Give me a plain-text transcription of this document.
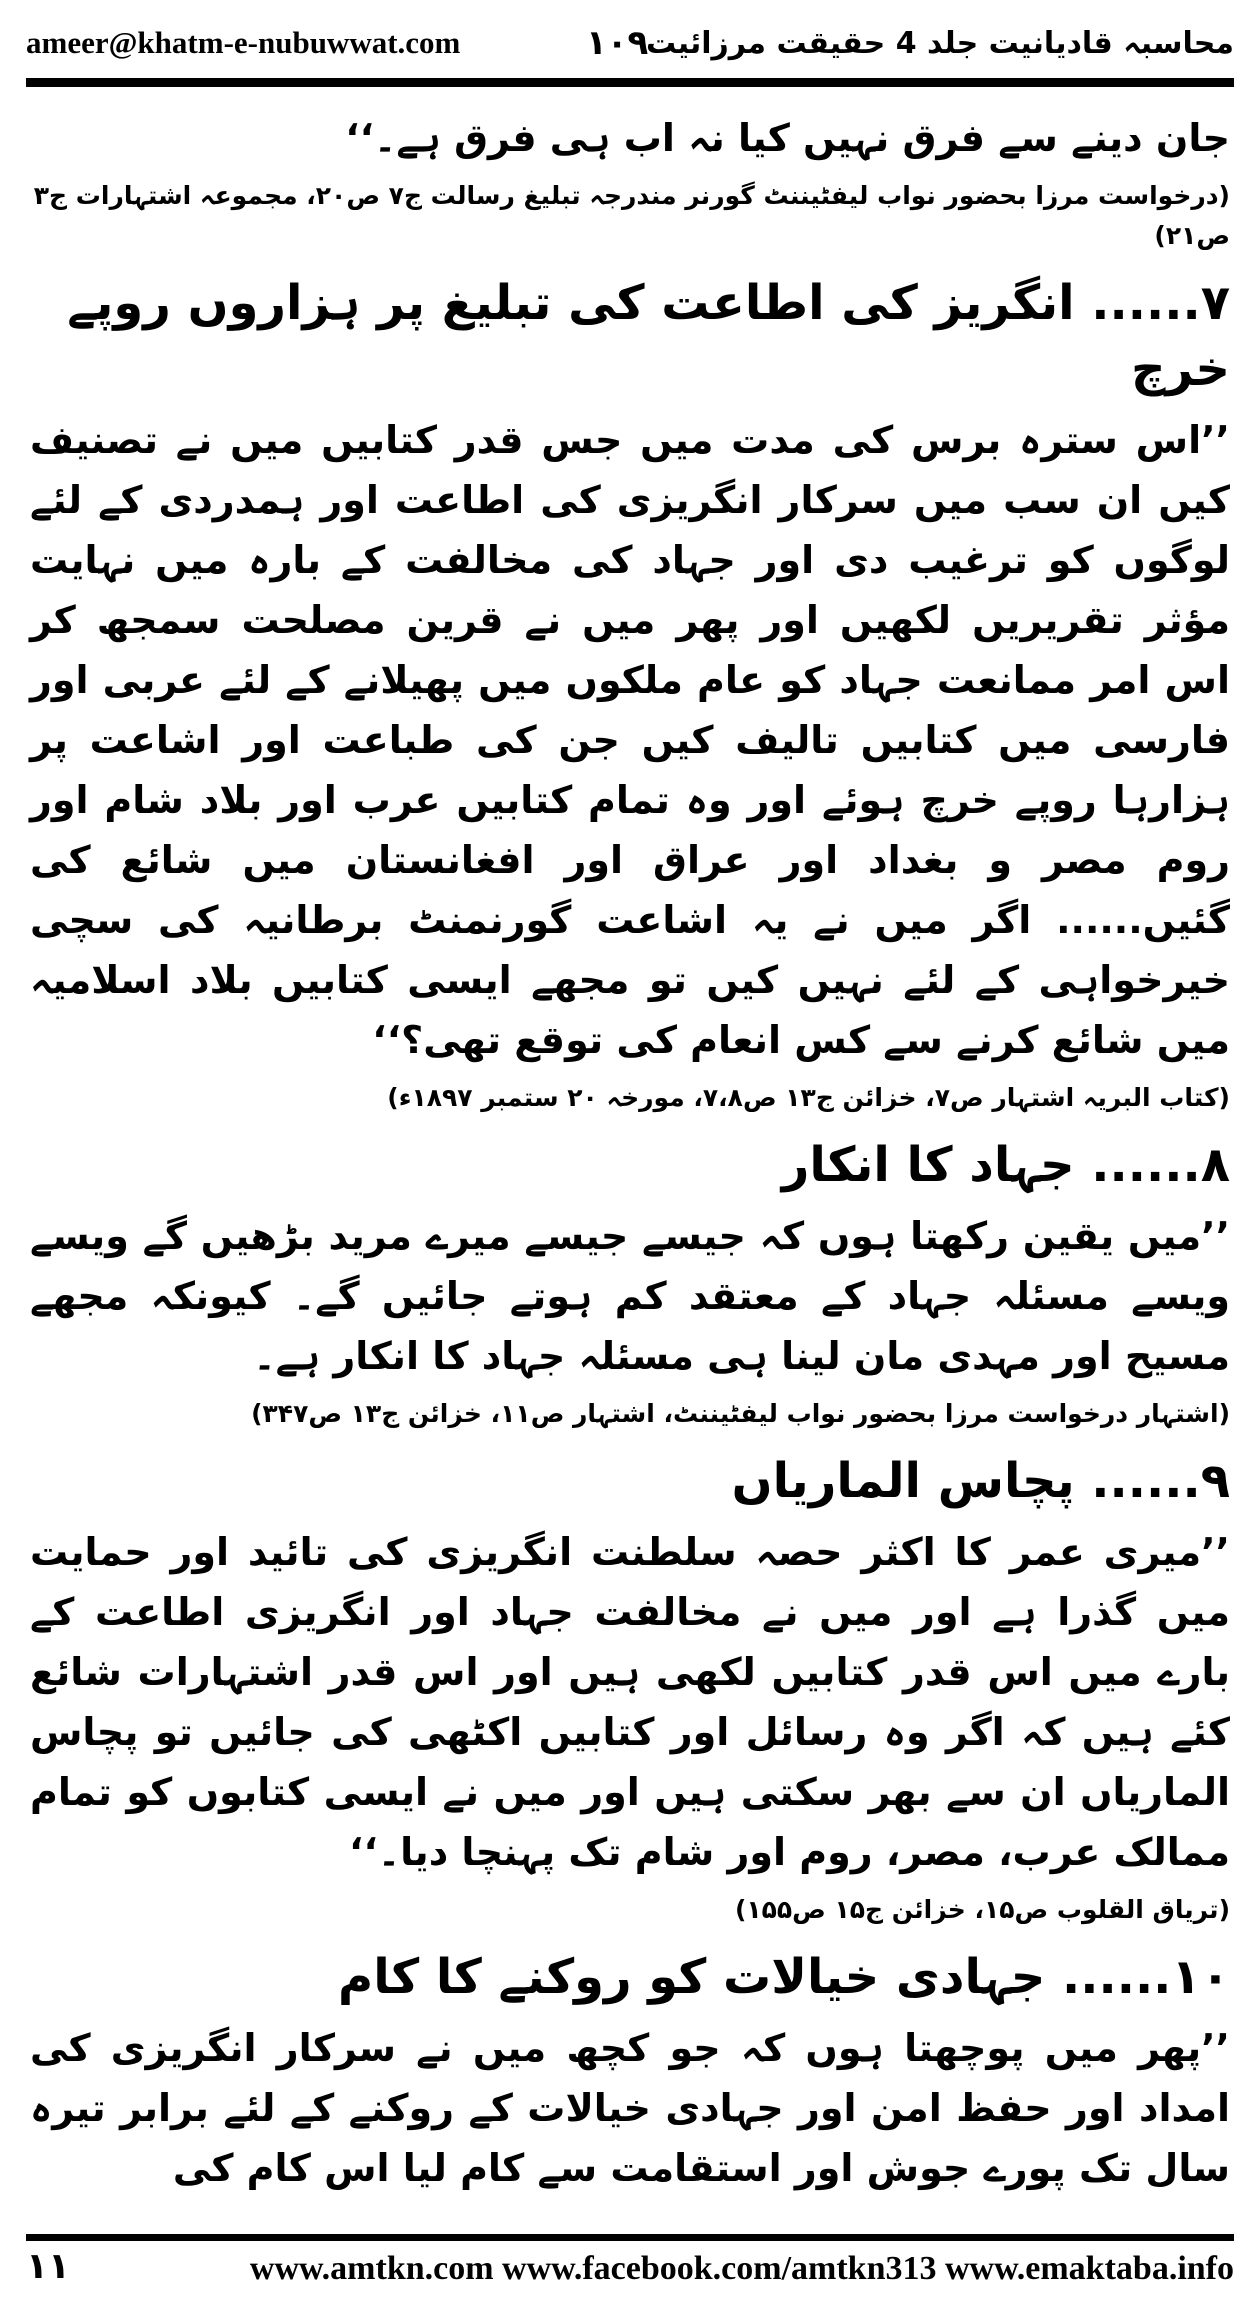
ameer@khatm-e-nubuwwat.com	۱۰۹
محاسبہ قادیانیت جلد 4 حقیقت مرزائیت

جان دینے سے فرق نہیں کیا نہ اب ہی فرق ہے۔‘‘

(درخواست مرزا بحضور نواب لیفٹیننٹ گورنر مندرجہ تبلیغ رسالت ج۷ ص۲۰، مجموعہ اشتہارات ج۳ ص۲۱)
۷...... انگریز کی اطاعت کی تبلیغ پر ہزاروں روپے خرچ

’’اس سترہ برس کی مدت میں جس قدر کتابیں میں نے تصنیف کیں ان سب میں سرکار انگریزی کی اطاعت اور ہمدردی کے لئے لوگوں کو ترغیب دی اور جہاد کی مخالفت کے بارہ میں نہایت مؤثر تقریریں لکھیں اور پھر میں نے قرین مصلحت سمجھ کر اس امر ممانعت جہاد کو عام ملکوں میں پھیلانے کے لئے عربی اور فارسی میں کتابیں تالیف کیں جن کی طباعت اور اشاعت پر ہزارہا روپے خرچ ہوئے اور وہ تمام کتابیں عرب اور بلاد شام اور روم مصر و بغداد اور عراق اور افغانستان میں شائع کی گئیں...... اگر میں نے یہ اشاعت گورنمنٹ برطانیہ کی سچی خیرخواہی کے لئے نہیں کیں تو مجھے ایسی کتابیں بلاد اسلامیہ میں شائع کرنے سے کس انعام کی توقع تھی؟‘‘

(کتاب البریہ اشتہار ص۷، خزائن ج۱۳ ص۷،۸، مورخہ ۲۰ ستمبر ۱۸۹۷ء)
۸...... جہاد کا انکار

’’میں یقین رکھتا ہوں کہ جیسے جیسے میرے مرید بڑھیں گے ویسے ویسے مسئلہ جہاد کے معتقد کم ہوتے جائیں گے۔ کیونکہ مجھے مسیح اور مہدی مان لینا ہی مسئلہ جہاد کا انکار ہے۔

(اشتہار درخواست مرزا بحضور نواب لیفٹیننٹ، اشتہار ص۱۱، خزائن ج۱۳ ص۳۴۷)
۹...... پچاس الماریاں

’’میری عمر کا اکثر حصہ سلطنت انگریزی کی تائید اور حمایت میں گذرا ہے اور میں نے مخالفت جہاد اور انگریزی اطاعت کے بارے میں اس قدر کتابیں لکھی ہیں اور اس قدر اشتہارات شائع کئے ہیں کہ اگر وہ رسائل اور کتابیں اکٹھی کی جائیں تو پچاس الماریاں ان سے بھر سکتی ہیں اور میں نے ایسی کتابوں کو تمام ممالک عرب، مصر، روم اور شام تک پہنچا دیا۔‘‘

(تریاق القلوب ص۱۵، خزائن ج۱۵ ص۱۵۵)
۱۰...... جہادی خیالات کو روکنے کا کام

’’پھر میں پوچھتا ہوں کہ جو کچھ میں نے سرکار انگریزی کی امداد اور حفظ امن اور جہادی خیالات کے روکنے کے لئے برابر تیرہ سال تک پورے جوش اور استقامت سے کام لیا اس کام کی

۱۱	www.amtkn.com www.facebook.com/amtkn313 www.emaktaba.info
